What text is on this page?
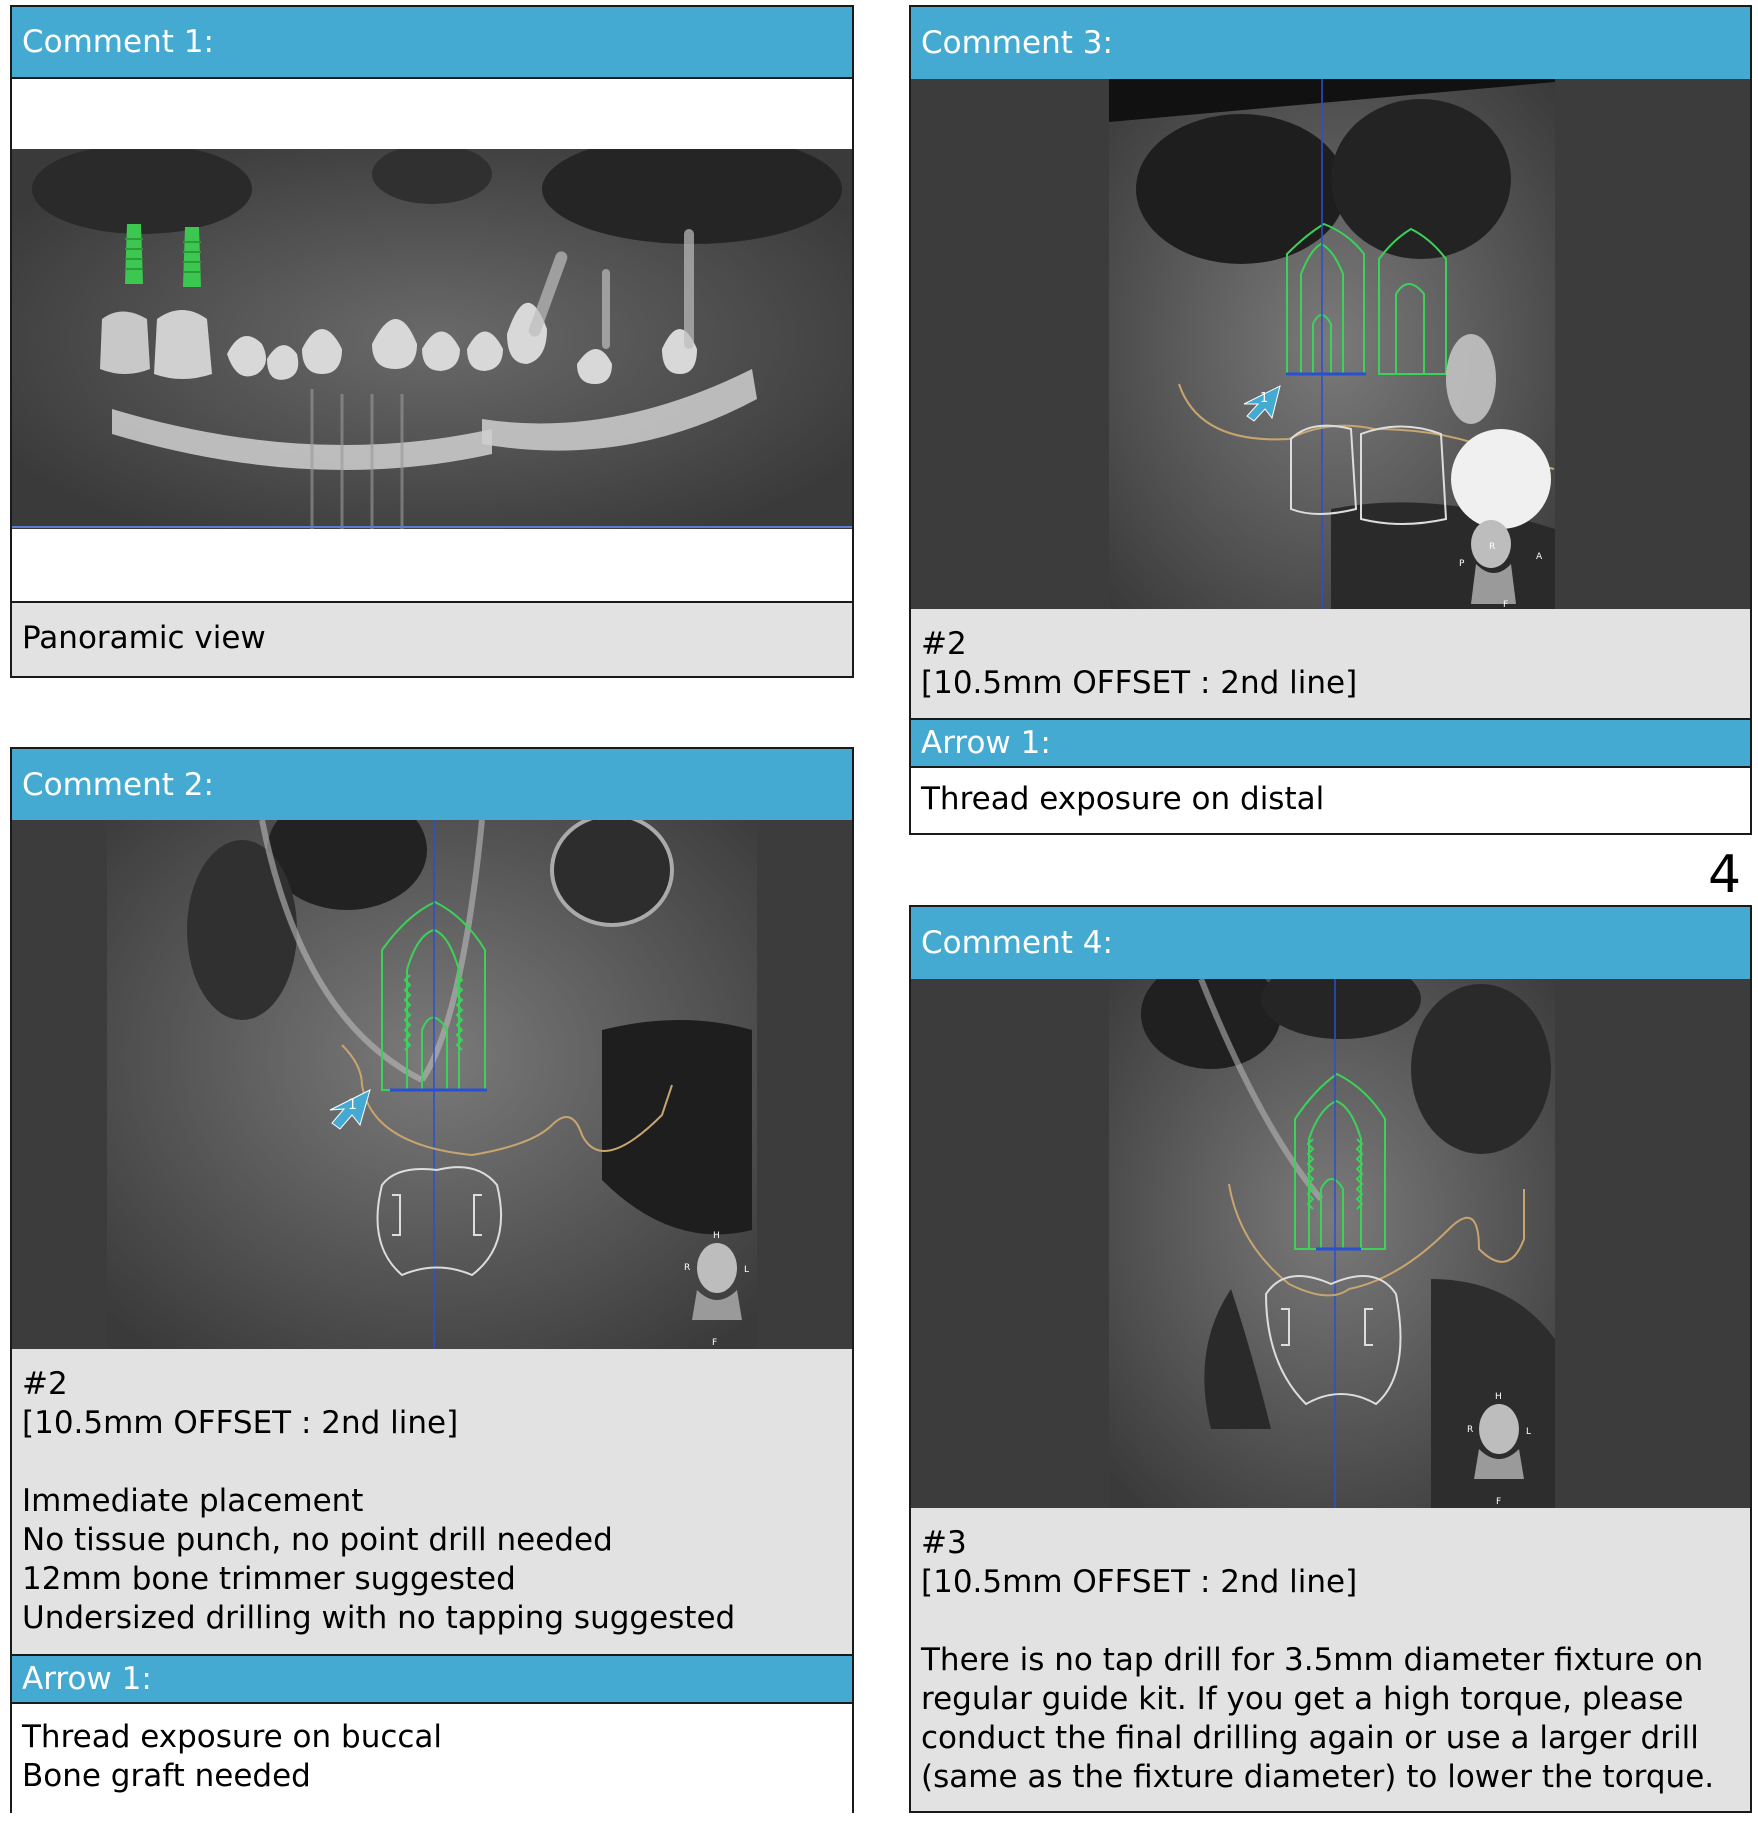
4
Comment 1:
Panoramic view
Comment 2:
1
H
R	L
F
#2
[10.5mm OFFSET : 2nd line]
Immediate placement
No tissue punch, no point drill needed
12mm bone trimmer suggested
Undersized drilling with no tapping suggested
Arrow 1:
Thread exposure on buccal
Bone graft needed
Comment 3:
1
P
R
A
F
#2
[10.5mm OFFSET : 2nd line]
Arrow 1:
Thread exposure on distal
Comment 4:
H
R	L
F
#3
[10.5mm OFFSET : 2nd line]
There is no tap drill for 3.5mm diameter fixture on
regular guide kit. If you get a high torque, please
conduct the final drilling again or use a larger drill
(same as the fixture diameter) to lower the torque.
